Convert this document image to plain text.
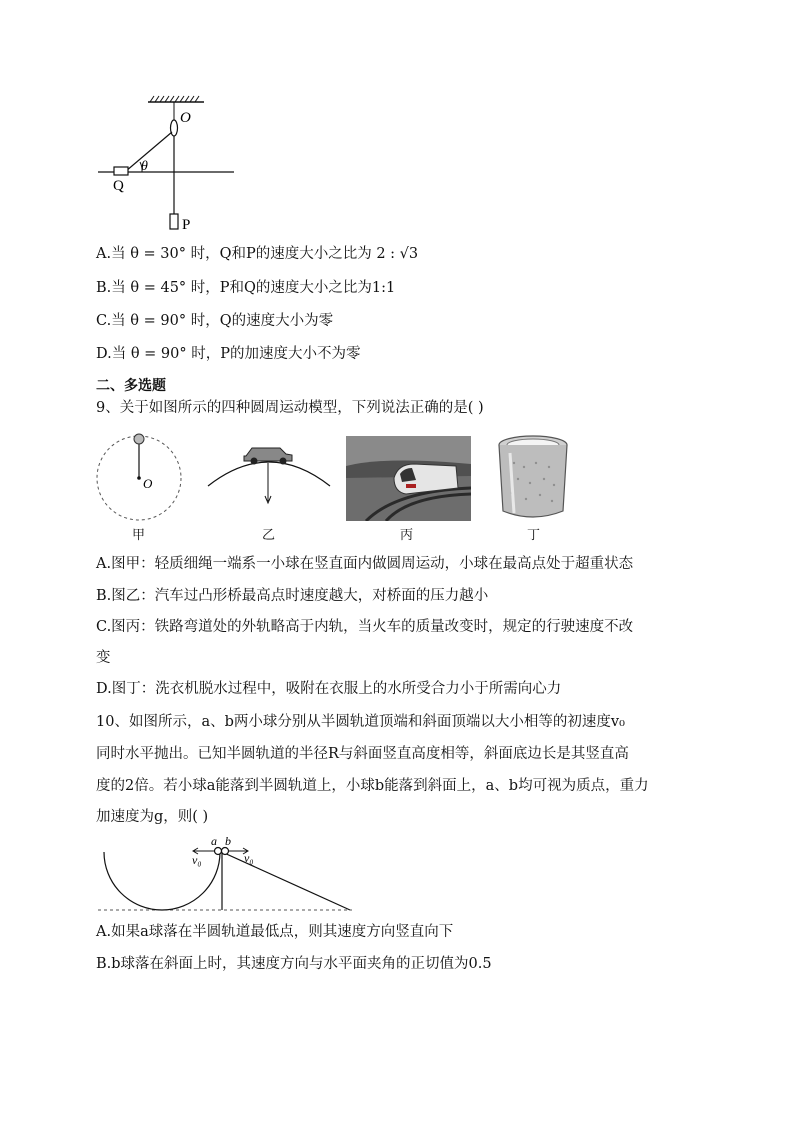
O
θ
Q
P
A.当 θ = 30° 时，Q和P的速度大小之比为 2 : √3
B.当 θ = 45° 时，P和Q的速度大小之比为1:1
C.当 θ = 90° 时，Q的速度大小为零
D.当 θ = 90° 时，P的加速度大小不为零
二、多选题
9、关于如图所示的四种圆周运动模型，下列说法正确的是( )
O
甲	乙	丙	丁
A.图甲：轻质细绳一端系一小球在竖直面内做圆周运动，小球在最高点处于超重状态
B.图乙：汽车过凸形桥最高点时速度越大，对桥面的压力越小
C.图丙：铁路弯道处的外轨略高于内轨，当火车的质量改变时，规定的行驶速度不改
变
D.图丁：洗衣机脱水过程中，吸附在衣服上的水所受合力小于所需向心力
10、如图所示，a、b两小球分别从半圆轨道顶端和斜面顶端以大小相等的初速度v₀
同时水平抛出。已知半圆轨道的半径R与斜面竖直高度相等，斜面底边长是其竖直高
度的2倍。若小球a能落到半圆轨道上，小球b能落到斜面上，a、b均可视为质点，重力
加速度为g，则( )
a b
v₀	v₀
A.如果a球落在半圆轨道最低点，则其速度方向竖直向下
B.b球落在斜面上时，其速度方向与水平面夹角的正切值为0.5
